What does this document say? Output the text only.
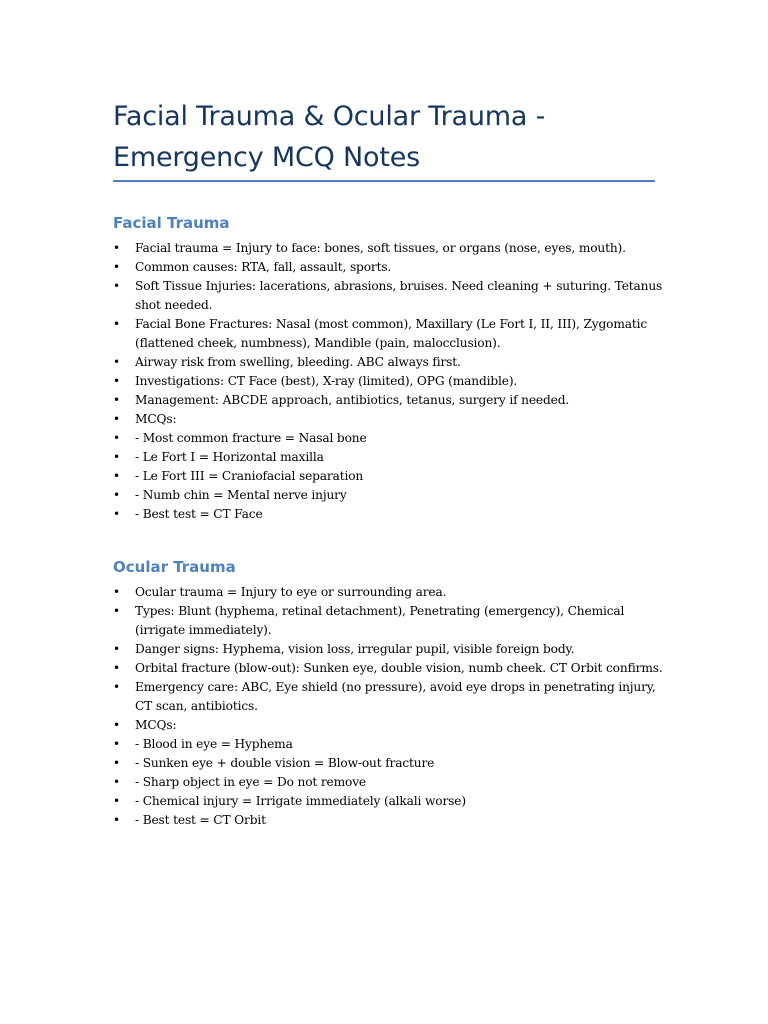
Facial Trauma & Ocular Trauma - Emergency MCQ Notes
Facial Trauma
• Facial trauma = Injury to face: bones, soft tissues, or organs (nose, eyes, mouth).
• Common causes: RTA, fall, assault, sports.
• Soft Tissue Injuries: lacerations, abrasions, bruises. Need cleaning + suturing. Tetanus shot needed.
• Facial Bone Fractures: Nasal (most common), Maxillary (Le Fort I, II, III), Zygomatic (flattened cheek, numbness), Mandible (pain, malocclusion).
• Airway risk from swelling, bleeding. ABC always first.
• Investigations: CT Face (best), X-ray (limited), OPG (mandible).
• Management: ABCDE approach, antibiotics, tetanus, surgery if needed.
• MCQs:
• - Most common fracture = Nasal bone
• - Le Fort I = Horizontal maxilla
• - Le Fort III = Craniofacial separation
• - Numb chin = Mental nerve injury
• - Best test = CT Face
Ocular Trauma
• Ocular trauma = Injury to eye or surrounding area.
• Types: Blunt (hyphema, retinal detachment), Penetrating (emergency), Chemical (irrigate immediately).
• Danger signs: Hyphema, vision loss, irregular pupil, visible foreign body.
• Orbital fracture (blow-out): Sunken eye, double vision, numb cheek. CT Orbit confirms.
• Emergency care: ABC, Eye shield (no pressure), avoid eye drops in penetrating injury, CT scan, antibiotics.
• MCQs:
• - Blood in eye = Hyphema
• - Sunken eye + double vision = Blow-out fracture
• - Sharp object in eye = Do not remove
• - Chemical injury = Irrigate immediately (alkali worse)
• - Best test = CT Orbit
